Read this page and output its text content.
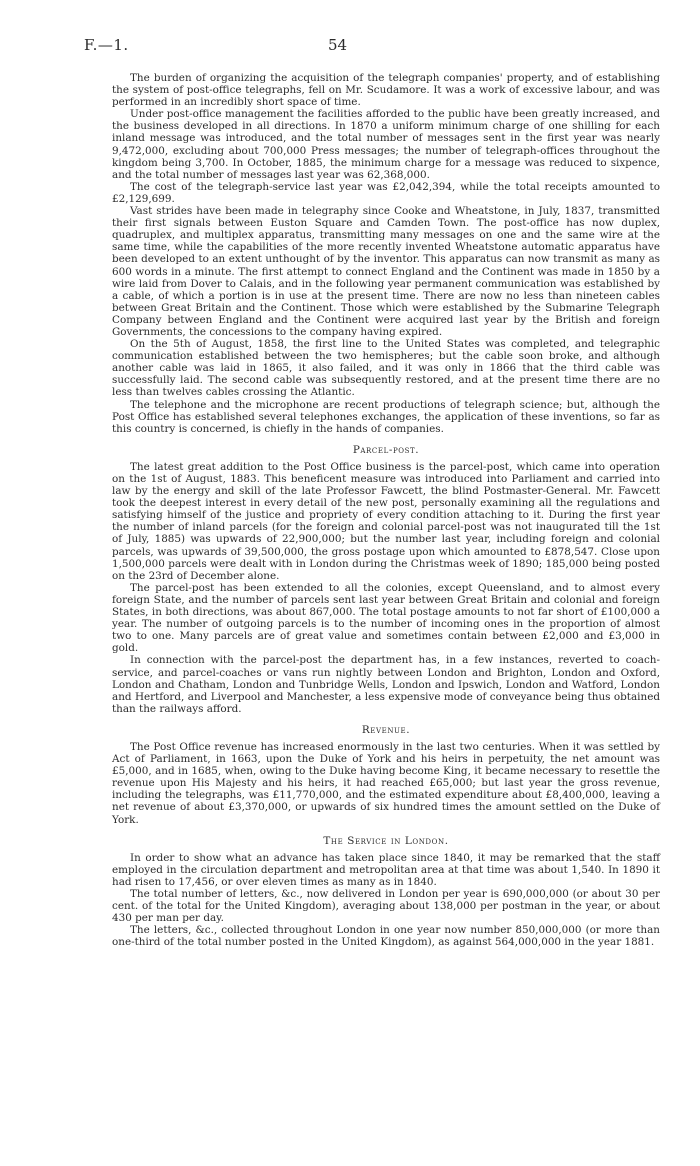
F.—1.	54

The burden of organizing the acquisition of the telegraph companies' property, and of establishing the system of post-office telegraphs, fell on Mr. Scudamore. It was a work of excessive labour, and was performed in an incredibly short space of time.

Under post-office management the facilities afforded to the public have been greatly increased, and the business developed in all directions. In 1870 a uniform minimum charge of one shilling for each inland message was introduced, and the total number of messages sent in the first year was nearly 9,472,000, excluding about 700,000 Press messages; the number of telegraph-offices throughout the kingdom being 3,700. In October, 1885, the minimum charge for a message was reduced to sixpence, and the total number of messages last year was 62,368,000.

The cost of the telegraph-service last year was £2,042,394, while the total receipts amounted to £2,129,699.

Vast strides have been made in telegraphy since Cooke and Wheatstone, in July, 1837, transmitted their first signals between Euston Square and Camden Town. The post-office has now duplex, quadruplex, and multiplex apparatus, transmitting many messages on one and the same wire at the same time, while the capabilities of the more recently invented Wheatstone automatic apparatus have been developed to an extent unthought of by the inventor. This apparatus can now transmit as many as 600 words in a minute. The first attempt to connect England and the Continent was made in 1850 by a wire laid from Dover to Calais, and in the following year permanent communication was established by a cable, of which a portion is in use at the present time. There are now no less than nineteen cables between Great Britain and the Continent. Those which were established by the Submarine Telegraph Company between England and the Continent were acquired last year by the British and foreign Governments, the concessions to the company having expired.

On the 5th of August, 1858, the first line to the United States was completed, and telegraphic communication established between the two hemispheres; but the cable soon broke, and although another cable was laid in 1865, it also failed, and it was only in 1866 that the third cable was successfully laid. The second cable was subsequently restored, and at the present time there are no less than twelves cables crossing the Atlantic.

The telephone and the microphone are recent productions of telegraph science; but, although the Post Office has established several telephones exchanges, the application of these inventions, so far as this country is concerned, is chiefly in the hands of companies.

Parcel-post.

The latest great addition to the Post Office business is the parcel-post, which came into operation on the 1st of August, 1883. This beneficent measure was introduced into Parliament and carried into law by the energy and skill of the late Professor Fawcett, the blind Postmaster-General. Mr. Fawcett took the deepest interest in every detail of the new post, personally examining all the regulations and satisfying himself of the justice and propriety of every condition attaching to it. During the first year the number of inland parcels (for the foreign and colonial parcel-post was not inaugurated till the 1st of July, 1885) was upwards of 22,900,000; but the number last year, including foreign and colonial parcels, was upwards of 39,500,000, the gross postage upon which amounted to £878,547. Close upon 1,500,000 parcels were dealt with in London during the Christmas week of 1890; 185,000 being posted on the 23rd of December alone.

The parcel-post has been extended to all the colonies, except Queensland, and to almost every foreign State, and the number of parcels sent last year between Great Britain and colonial and foreign States, in both directions, was about 867,000. The total postage amounts to not far short of £100,000 a year. The number of outgoing parcels is to the number of incoming ones in the proportion of almost two to one. Many parcels are of great value and sometimes contain between £2,000 and £3,000 in gold.

In connection with the parcel-post the department has, in a few instances, reverted to coach-service, and parcel-coaches or vans run nightly between London and Brighton, London and Oxford, London and Chatham, London and Tunbridge Wells, London and Ipswich, London and Watford, London and Hertford, and Liverpool and Manchester, a less expensive mode of conveyance being thus obtained than the railways afford.

Revenue.

The Post Office revenue has increased enormously in the last two centuries. When it was settled by Act of Parliament, in 1663, upon the Duke of York and his heirs in perpetuity, the net amount was £5,000, and in 1685, when, owing to the Duke having become King, it became necessary to resettle the revenue upon His Majesty and his heirs, it had reached £65,000; but last year the gross revenue, including the telegraphs, was £11,770,000, and the estimated expenditure about £8,400,000, leaving a net revenue of about £3,370,000, or upwards of six hundred times the amount settled on the Duke of York.

The Service in London.

In order to show what an advance has taken place since 1840, it may be remarked that the staff employed in the circulation department and metropolitan area at that time was about 1,540. In 1890 it had risen to 17,456, or over eleven times as many as in 1840.

The total number of letters, &c., now delivered in London per year is 690,000,000 (or about 30 per cent. of the total for the United Kingdom), averaging about 138,000 per postman in the year, or about 430 per man per day.

The letters, &c., collected throughout London in one year now number 850,000,000 (or more than one-third of the total number posted in the United Kingdom), as against 564,000,000 in the year 1881.
